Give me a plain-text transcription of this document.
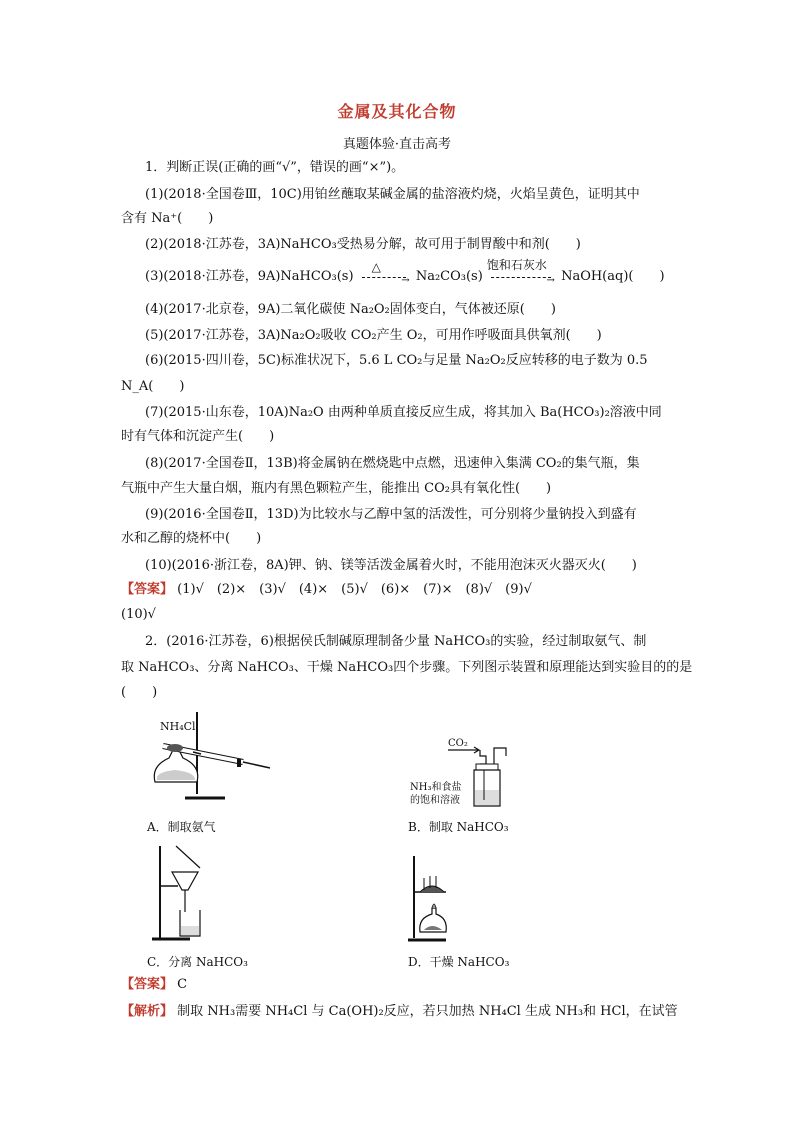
金属及其化合物
真题体验·直击高考
1．判断正误(正确的画“√”，错误的画“×”)。
(1)(2018·全国卷Ⅲ，10C)用铂丝蘸取某碱金属的盐溶液灼烧，火焰呈黄色，证明其中
含有 Na⁺(　　)
(2)(2018·江苏卷，3A)NaHCO₃受热易分解，故可用于制胃酸中和剂(　　)
(3)(2018·江苏卷，9A)NaHCO₃(s)
△
→ Na₂CO₃(s)
饱和石灰水
→ NaOH(aq)(　　)
(4)(2017·北京卷，9A)二氧化碳使 Na₂O₂固体变白，气体被还原(　　)
(5)(2017·江苏卷，3A)Na₂O₂吸收 CO₂产生 O₂，可用作呼吸面具供氧剂(　　)
(6)(2015·四川卷，5C)标准状况下，5.6 L CO₂与足量 Na₂O₂反应转移的电子数为 0.5
N_A(　　)
(7)(2015·山东卷，10A)Na₂O 由两种单质直接反应生成，将其加入 Ba(HCO₃)₂溶液中同
时有气体和沉淀产生(　　)
(8)(2017·全国卷Ⅱ，13B)将金属钠在燃烧匙中点燃，迅速伸入集满 CO₂的集气瓶，集
气瓶中产生大量白烟，瓶内有黑色颗粒产生，能推出 CO₂具有氧化性(　　)
(9)(2016·全国卷Ⅱ，13D)为比较水与乙醇中氢的活泼性，可分别将少量钠投入到盛有
水和乙醇的烧杯中(　　)
(10)(2016·浙江卷，8A)钾、钠、镁等活泼金属着火时，不能用泡沫灭火器灭火(　　)
【答案】 (1)√　(2)×　(3)√　(4)×　(5)√　(6)×　(7)×　(8)√　(9)√
(10)√
2．(2016·江苏卷，6)根据侯氏制碱原理制备少量 NaHCO₃的实验，经过制取氨气、制
取 NaHCO₃、分离 NaHCO₃、干燥 NaHCO₃四个步骤。下列图示装置和原理能达到实验目的的是
(　　)
NH₄Cl
A．制取氨气
CO₂
NH₃和食盐
的饱和溶液
B．制取 NaHCO₃
C．分离 NaHCO₃	D．干燥 NaHCO₃
【答案】 C
【解析】 制取 NH₃需要 NH₄Cl 与 Ca(OH)₂反应，若只加热 NH₄Cl 生成 NH₃和 HCl，在试管
